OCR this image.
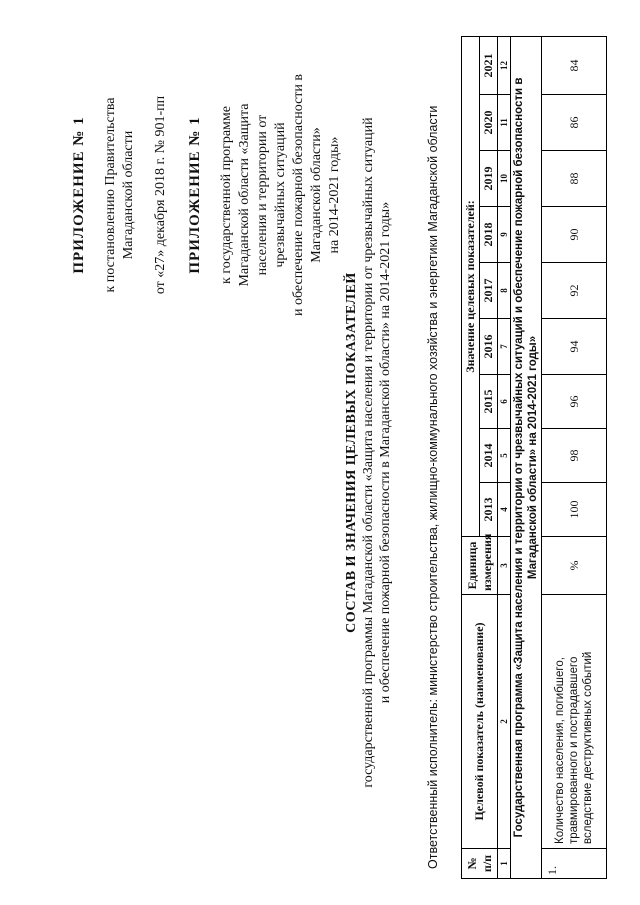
ПРИЛОЖЕНИЕ № 1 к постановлению Правительства Магаданской области от «27» декабря 2018 г. № 901-пп ПРИЛОЖЕНИЕ № 1 к государственной программе Магаданской области «Защита населения и территории от чрезвычайных ситуаций и обеспечение пожарной безопасности в Магаданской области» на 2014-2021 годы»

СОСТАВ И ЗНАЧЕНИЯ ЦЕЛЕВЫХ ПОКАЗАТЕЛЕЙ государственной программы Магаданской области «Защита населения и территории от чрезвычайных ситуаций и обеспечение пожарной безопасности в Магаданской области» на 2014-2021 годы»	Ответственный исполнитель: министерство строительства, жилищно-коммунального хозяйства и энергетики Магаданской области № п/п	Целевой показатель (наименование)	Единица измерения	Значение целевых показателей:								
			2013	2014	2015	2016	2017	2018	2019	2020	2021
1	2	3	4	5	6	7	8	9	10	11	12
Государственная программа «Защита населения и территории от чрезвычайных ситуаций и обеспечение пожарной безопасности в Магаданской области» на 2014-2021 годы»											
1.	Количество населения, погибшего, травмированного и пострадавшего вследствие деструктивных событий	%	100	98	96	94	92	90	88	86	84
